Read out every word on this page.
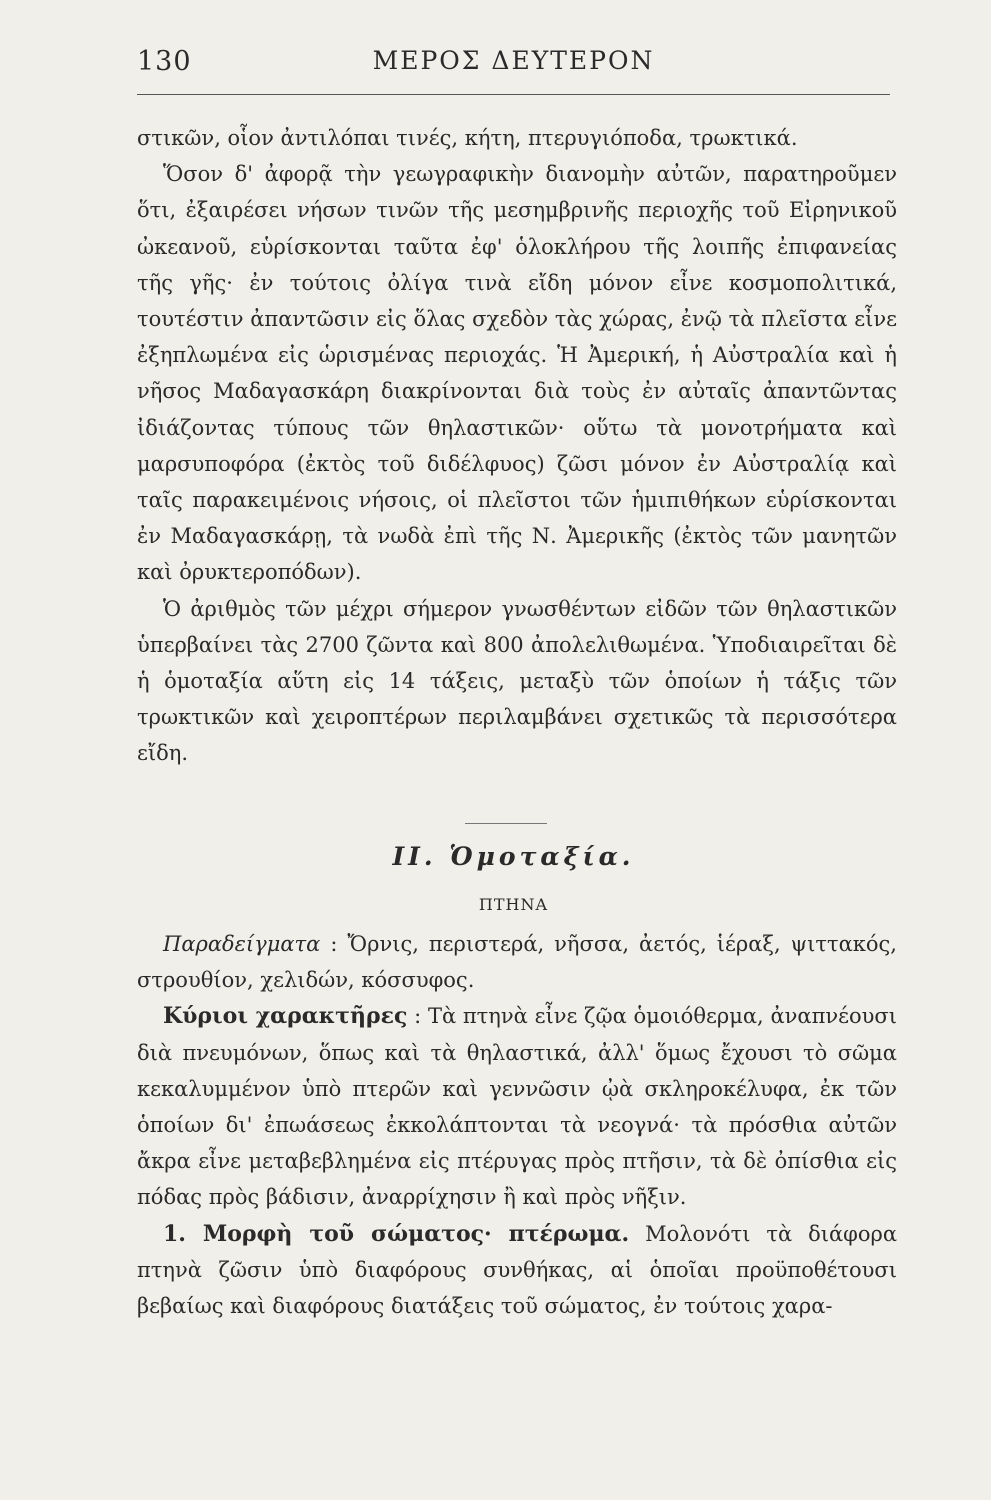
130	ΜΕΡΟΣ ΔΕΥΤΕΡΟΝ

στικῶν, οἷον ἀντιλόπαι τινές, κήτη, πτερυγιόποδα, τρωκτικά.

Ὅσον δ' ἀφορᾷ τὴν γεωγραφικὴν διανομὴν αὐτῶν, παρατηροῦμεν ὅτι, ἐξαιρέσει νήσων τινῶν τῆς μεσημβρινῆς περιοχῆς τοῦ Εἰρηνικοῦ ὠκεανοῦ, εὑρίσκονται ταῦτα ἐφ' ὁλοκλήρου τῆς λοιπῆς ἐπιφανείας τῆς γῆς· ἐν τούτοις ὀλίγα τινὰ εἴδη μόνον εἶνε κοσμοπολιτικά, τουτέστιν ἀπαντῶσιν εἰς ὅλας σχεδὸν τὰς χώρας, ἐνῷ τὰ πλεῖστα εἶνε ἐξηπλωμένα εἰς ὡρισμένας περιοχάς. Ἡ Ἀμερική, ἡ Αὐστραλία καὶ ἡ νῆσος Μαδαγασκάρη διακρίνονται διὰ τοὺς ἐν αὐταῖς ἀπαντῶντας ἰδιάζοντας τύπους τῶν θηλαστικῶν· οὕτω τὰ μονοτρήματα καὶ μαρσυποφόρα (ἐκτὸς τοῦ διδέλφυος) ζῶσι μόνον ἐν Αὐστραλίᾳ καὶ ταῖς παρακειμένοις νήσοις, οἱ πλεῖστοι τῶν ἡμιπιθήκων εὑρίσκονται ἐν Μαδαγασκάρῃ, τὰ νωδὰ ἐπὶ τῆς Ν. Ἀμερικῆς (ἐκτὸς τῶν μανητῶν καὶ ὀρυκτεροπόδων).

Ὁ ἀριθμὸς τῶν μέχρι σήμερον γνωσθέντων εἰδῶν τῶν θηλαστικῶν ὑπερβαίνει τὰς 2700 ζῶντα καὶ 800 ἀπολελιθωμένα. Ὑποδιαιρεῖται δὲ ἡ ὁμοταξία αὕτη εἰς 14 τάξεις, μεταξὺ τῶν ὁποίων ἡ τάξις τῶν τρωκτικῶν καὶ χειροπτέρων περιλαμβάνει σχετικῶς τὰ περισσότερα εἴδη.

ΙΙ. Ὁμοταξία.
ΠΤΗΝΑ

Παραδείγματα : Ὄρνις, περιστερά, νῆσσα, ἀετός, ἱέραξ, ψιττακός, στρουθίον, χελιδών, κόσσυφος.

Κύριοι χαρακτῆρες : Τὰ πτηνὰ εἶνε ζῷα ὁμοιόθερμα, ἀναπνέουσι διὰ πνευμόνων, ὅπως καὶ τὰ θηλαστικά, ἀλλ' ὅμως ἔχουσι τὸ σῶμα κεκαλυμμένον ὑπὸ πτερῶν καὶ γεννῶσιν ᾠὰ σκληροκέλυφα, ἐκ τῶν ὁποίων δι' ἐπωάσεως ἐκκολάπτονται τὰ νεογνά· τὰ πρόσθια αὐτῶν ἄκρα εἶνε μεταβεβλημένα εἰς πτέρυγας πρὸς πτῆσιν, τὰ δὲ ὀπίσθια εἰς πόδας πρὸς βάδισιν, ἀναρρίχησιν ἢ καὶ πρὸς νῆξιν.

1. Μορφὴ τοῦ σώματος· πτέρωμα. Μολονότι τὰ διάφορα πτηνὰ ζῶσιν ὑπὸ διαφόρους συνθήκας, αἱ ὁποῖαι προϋποθέτουσι βεβαίως καὶ διαφόρους διατάξεις τοῦ σώματος, ἐν τούτοις χαρα-
